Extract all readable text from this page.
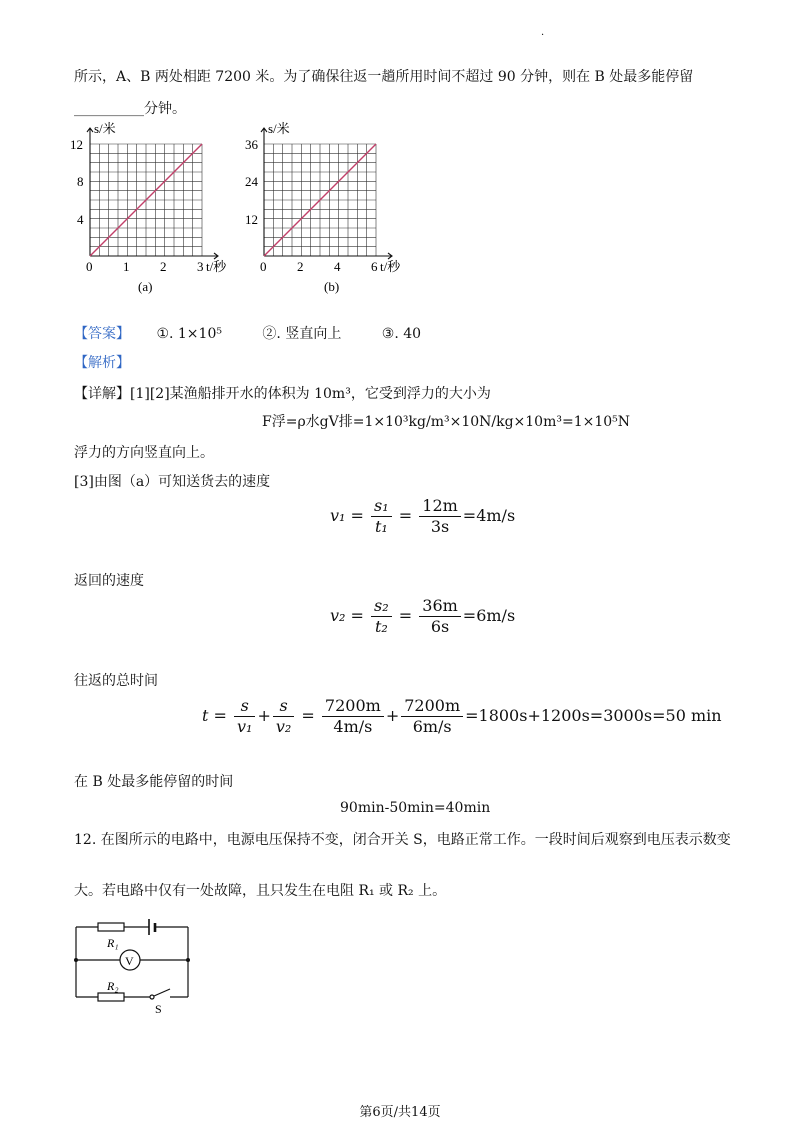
·
所示，A、B 两处相距 7200 米。为了确保往返一趟所用时间不超过 90 分钟，则在 B 处最多能停留
__________分钟。
s/米
t/秒
12
8
4
0 1 2 3
(a)
s/米
t/秒
36
24
12
0 2 4 6
(b)
【答案】 ①. 1×10⁵	②. 竖直向上	③. 40
【解析】
【详解】[1][2]某渔船排开水的体积为 10m³，它受到浮力的大小为
F浮=ρ水gV排=1×10³kg/m³×10N/kg×10m³=1×10⁵N
浮力的方向竖直向上。
[3]由图（a）可知送货去的速度
$v_1 = \frac{\text{s₁}}{\text{t₁}} = \frac{12m}{3s} =4m/s$
返回的速度
$v_2 = \frac{\text{s₂}}{\text{t₂}} = \frac{36m}{6s} =6m/s$
往返的总时间
$t = \frac{s}{\text{v₁}} + \frac{s}{\text{v₂}} = \frac{7200m}{4m/s} + \frac{7200m}{6m/s} =1800s+1200s=3000s=50$ min
在 B 处最多能停留的时间
90min-50min=40min
12. 在图所示的电路中，电源电压保持不变，闭合开关 S，电路正常工作。一段时间后观察到电压表示数变
大。若电路中仅有一处故障，且只发生在电阻 R₁ 或 R₂ 上。
R₁
V
R₂
S
第6页/共14页
